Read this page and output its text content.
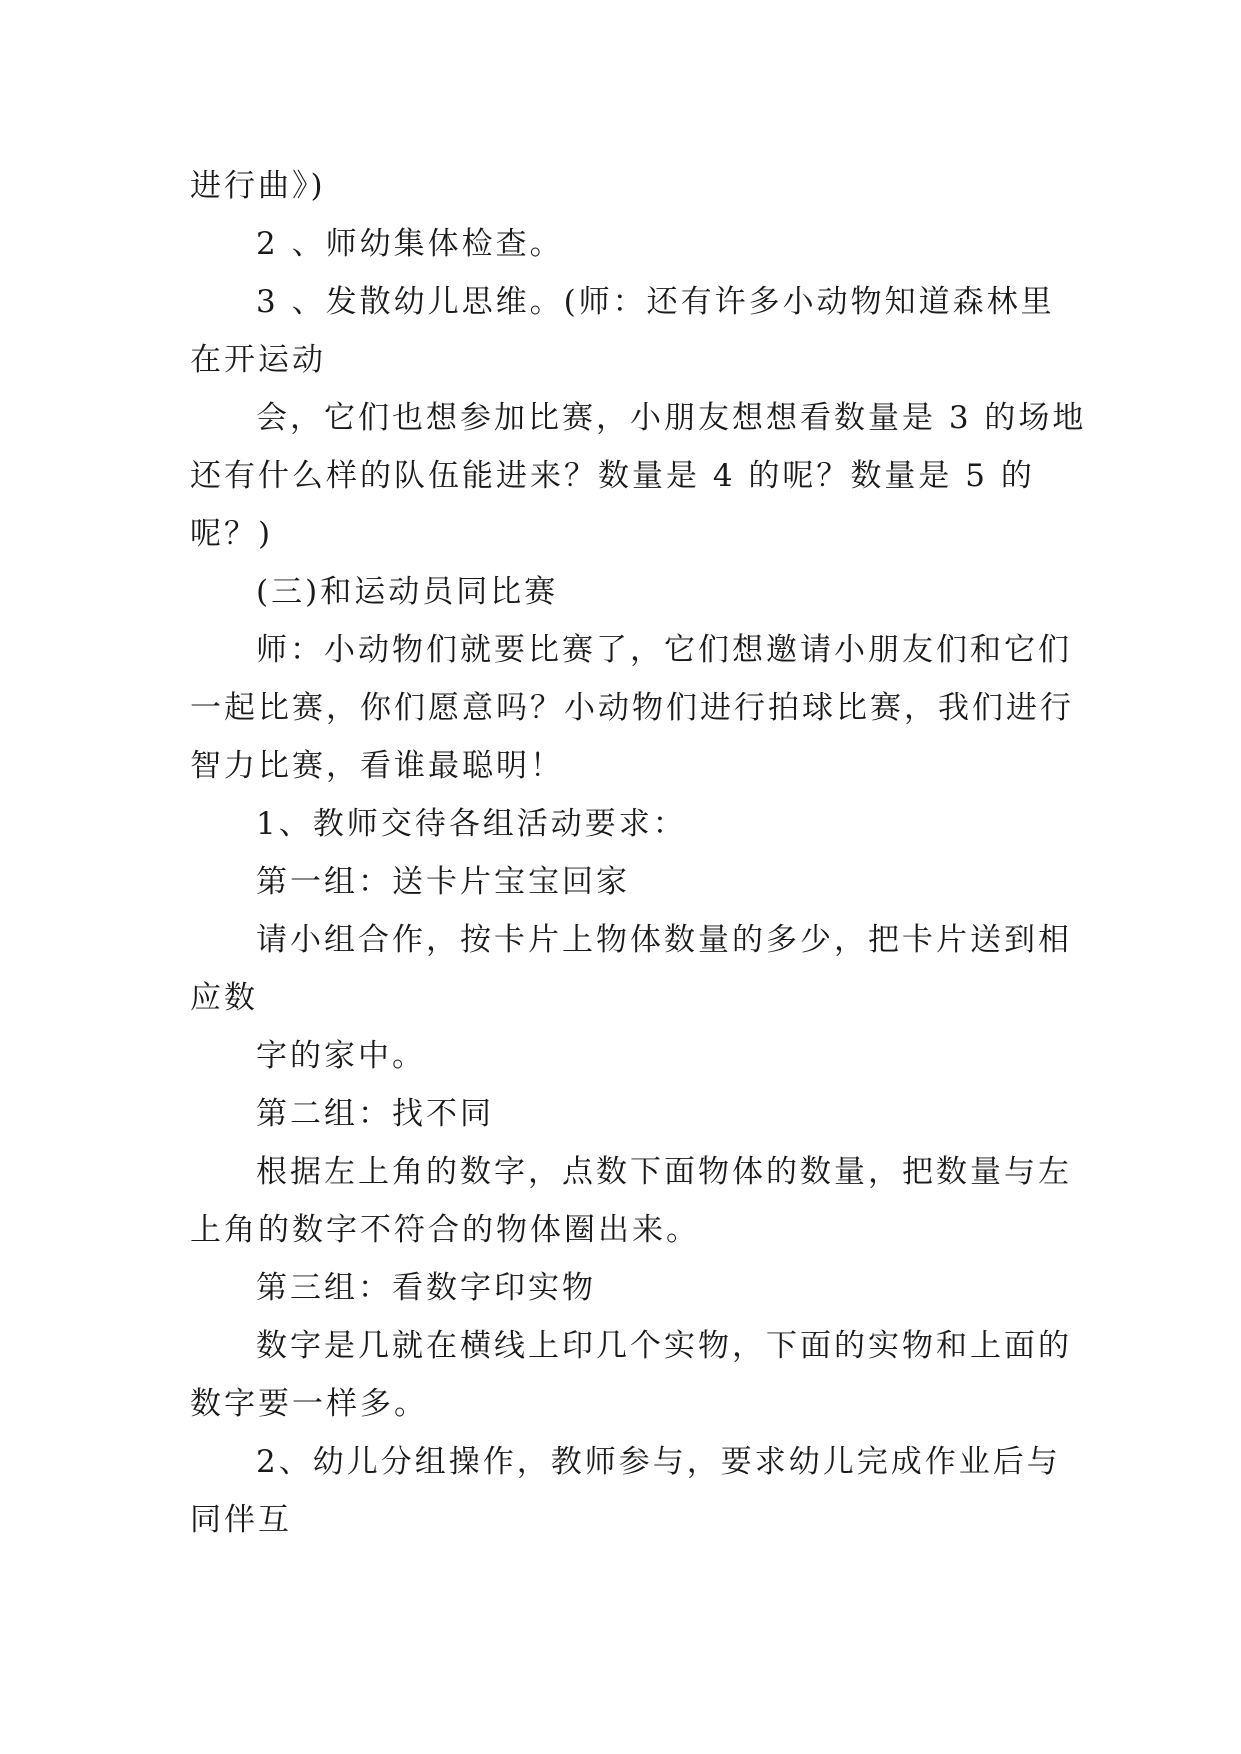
进行曲》)
2 、师幼集体检查。
3 、发散幼儿思维。(师：还有许多小动物知道森林里
在开运动
会，它们也想参加比赛，小朋友想想看数量是 3 的场地
还有什么样的队伍能进来？数量是 4 的呢？数量是 5 的
呢？)
(三)和运动员同比赛
师：小动物们就要比赛了，它们想邀请小朋友们和它们
一起比赛，你们愿意吗？小动物们进行拍球比赛，我们进行
智力比赛，看谁最聪明！
1、教师交待各组活动要求：
第一组：送卡片宝宝回家
请小组合作，按卡片上物体数量的多少，把卡片送到相
应数
字的家中。
第二组：找不同
根据左上角的数字，点数下面物体的数量，把数量与左
上角的数字不符合的物体圈出来。
第三组：看数字印实物
数字是几就在横线上印几个实物，下面的实物和上面的
数字要一样多。
2、幼儿分组操作，教师参与，要求幼儿完成作业后与
同伴互
